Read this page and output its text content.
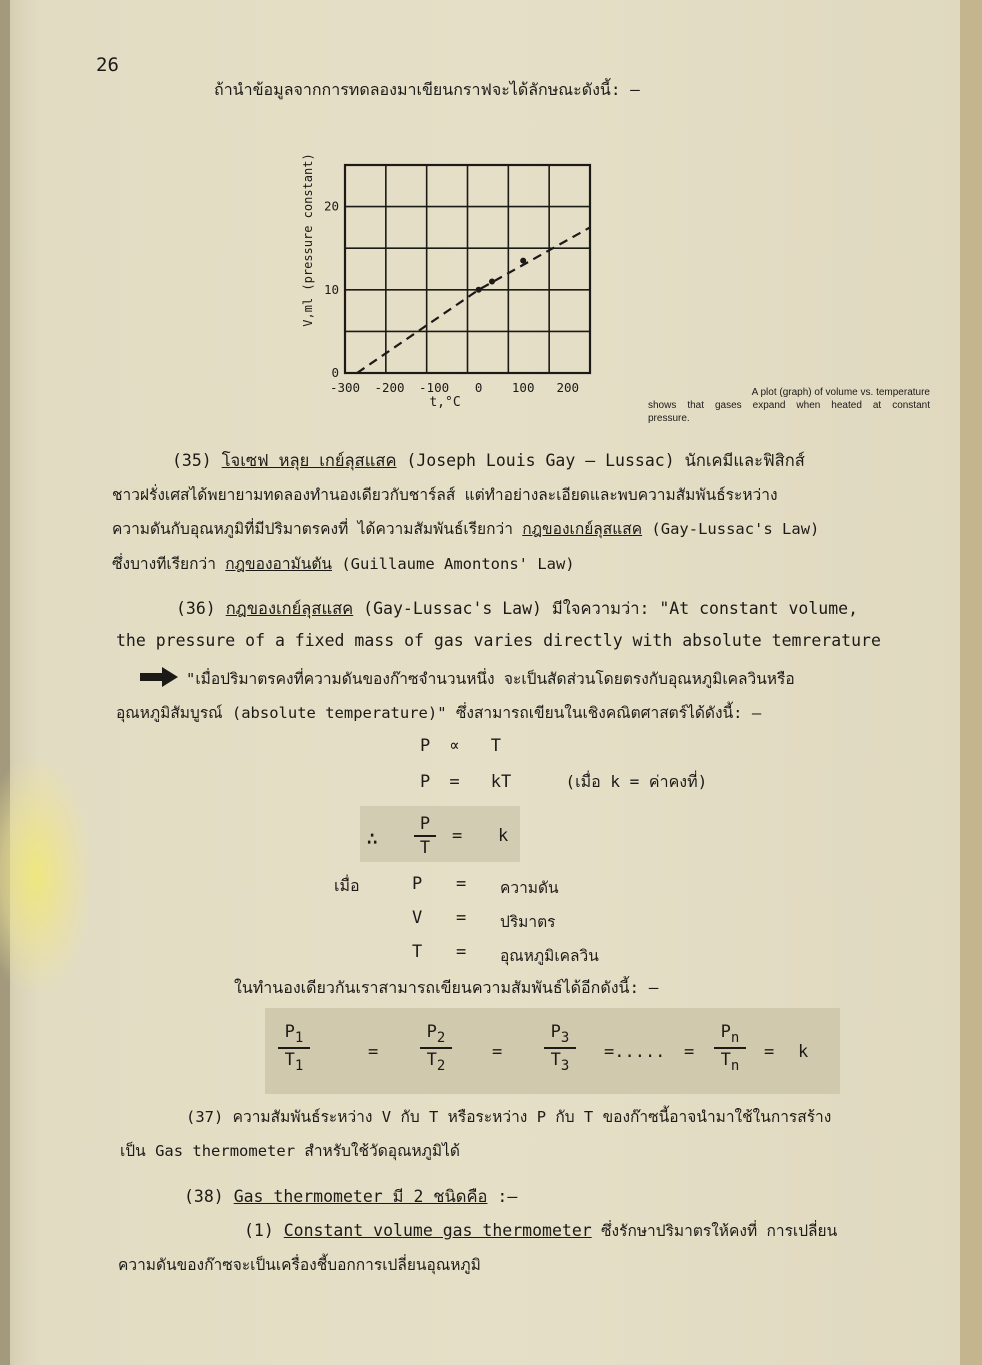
26
ถ้านำข้อมูลจากการทดลองมาเขียนกราฟจะได้ลักษณะดังนี้: –
-300 -200 -100 0 100 200
0
10
20
t,°C
V,ml (pressure constant)
A plot (graph) of volume vs. temperature
shows that gases expand when heated at constant
pressure.
(35) โจเซฟ หลุย เกย์ลุสแสค (Joseph Louis Gay – Lussac) นักเคมีและฟิสิกส์
ชาวฝรั่งเศสได้พยายามทดลองทำนองเดียวกับชาร์ลส์ แต่ทำอย่างละเอียดและพบความสัมพันธ์ระหว่าง
ความดันกับอุณหภูมิที่มีปริมาตรคงที่ ได้ความสัมพันธ์เรียกว่า กฎของเกย์ลุสแสค (Gay-Lussac's Law)
ซึ่งบางทีเรียกว่า กฎของอามันตัน (Guillaume Amontons' Law)
(36) กฎของเกย์ลุสแสค (Gay-Lussac's Law) มีใจความว่า: "At constant volume,
the pressure of a fixed mass of gas varies directly with absolute temrerature
"เมื่อปริมาตรคงที่ความดันของก๊าซจำนวนหนึ่ง จะเป็นสัดส่วนโดยตรงกับอุณหภูมิเคลวินหรือ
อุณหภูมิสัมบูรณ์ (absolute temperature)" ซึ่งสามารถเขียนในเชิงคณิตศาสตร์ได้ดังนี้: –
P ∝ T
P = kT	(เมื่อ k = ค่าคงที่)
∴
P
T
= k
เมื่อ	P = ความดัน
V = ปริมาตร
T = อุณหภูมิเคลวิน
ในทำนองเดียวกันเราสามารถเขียนความสัมพันธ์ได้อีกดังนี้: –
$P_1$
$T_1$
=
$P_2$
$T_2$
=
$P_3$
$T_3$
=..... =
$P_n$
$T_n$
= k
(37) ความสัมพันธ์ระหว่าง V กับ T หรือระหว่าง P กับ T ของก๊าซนี้อาจนำมาใช้ในการสร้าง
เป็น Gas thermometer สำหรับใช้วัดอุณหภูมิได้
(38) Gas thermometer มี 2 ชนิดคือ :—
(1) Constant volume gas thermometer ซึ่งรักษาปริมาตรให้คงที่ การเปลี่ยน
ความดันของก๊าซจะเป็นเครื่องชี้บอกการเปลี่ยนอุณหภูมิ
